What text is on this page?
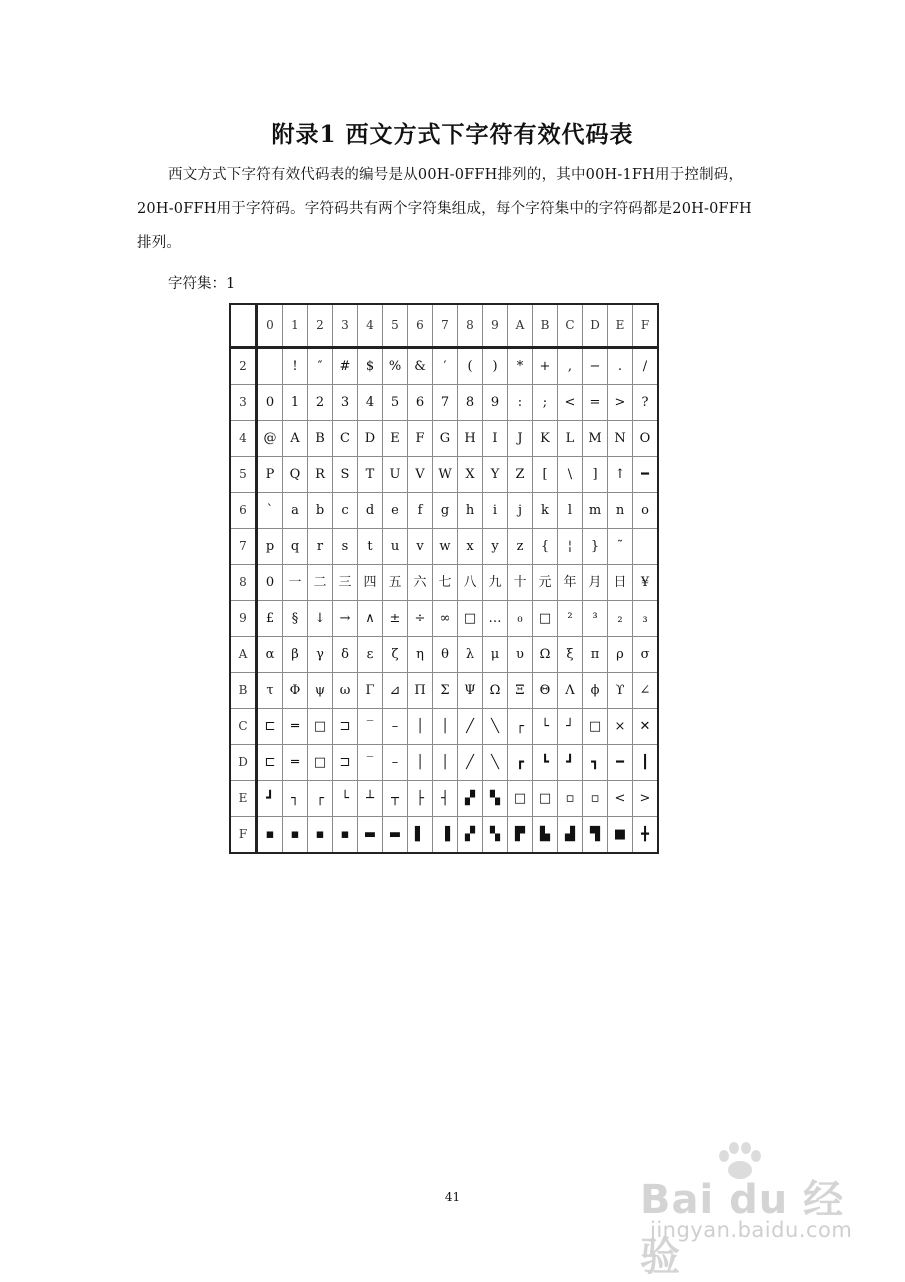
附录1 西文方式下字符有效代码表
西文方式下字符有效代码表的编号是从00H-0FFH排列的，其中00H-1FH用于控制码，
20H-0FFH用于字符码。字符码共有两个字符集组成，每个字符集中的字符码都是20H-0FFH
排列。
字符集：1
	0	1	2	3	4	5	6	7	8	9	A	B	C	D	E	F
2		!	″	#	$	%	&	′	(	)	*	+	,	−	.	/
3	0	1	2	3	4	5	6	7	8	9	:	;	<	=	>	?
4	@	A	B	C	D	E	F	G	H	I	J	K	L	M	N	O
5	P	Q	R	S	T	U	V	W	X	Y	Z	[	\	]	↑	━
6	ˋ	a	b	c	d	e	f	g	h	i	j	k	l	m	n	o
7	p	q	r	s	t	u	v	w	x	y	z	{	¦	}	˜	
8	0	一	二	三	四	五	六	七	八	九	十	元	年	月	日	¥
9	£	§	↓	→	∧	±	÷	∞	□	…	₀	□	²	³	₂	₃
A	α	β	γ	δ	ε	ζ	η	θ	λ	μ	υ	Ω	ξ	π	ρ	σ
B	τ	Φ	ψ	ω	Γ	⊿	Π	Σ	Ψ	Ω	Ξ	Θ	Λ	ϕ	ϒ	∠
C	⊏	═	□	⊐	‾	–	│	│	╱	╲	┌	└	┘	□	×	✕
D	⊏	═	□	⊐	‾	–	│	│	╱	╲	┏	┗	┛	┓	━	┃
E	┛	┐	┌	└	┴	┬	├	┤	▞	▚	□	□	▫	▫	<	>
F	▪	▪	▪	▪	▬	▬	▌	▐	▞	▚	▛	▙	▟	▜	■	╋
41	Bai du 经验
jingyan.baidu.com
